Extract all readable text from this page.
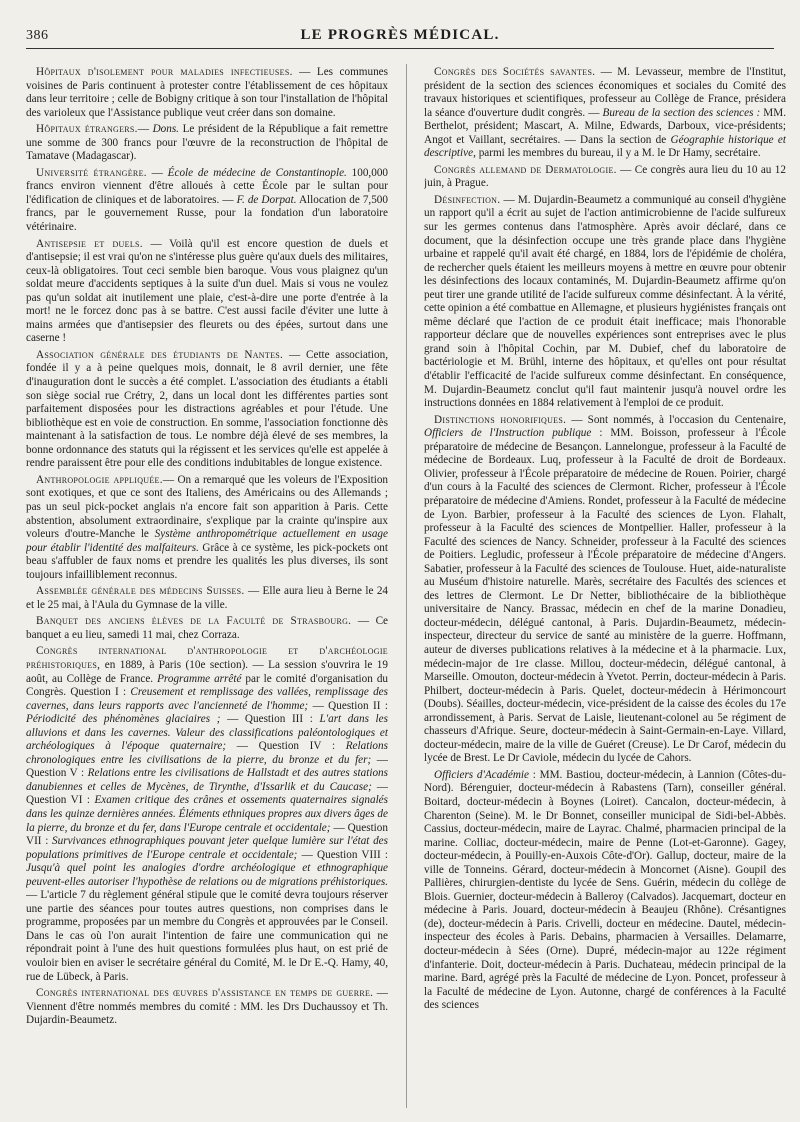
386	LE PROGRÈS MÉDICAL.

Hôpitaux d'isolement pour maladies infectieuses. — Les communes voisines de Paris continuent à protester contre l'établissement de ces hôpitaux dans leur territoire ; celle de Bobigny critique à son tour l'installation de l'hôpital des varioleux que l'Assistance publique veut créer dans son domaine.

Hôpitaux étrangers.— Dons. Le président de la République a fait remettre une somme de 300 francs pour l'œuvre de la reconstruction de l'hôpital de Tamatave (Madagascar).

Université étrangère. — École de médecine de Constantinople. 100,000 francs environ viennent d'être alloués à cette École par le sultan pour l'édification de cliniques et de laboratoires. — F. de Dorpat. Allocation de 7,500 francs, par le gouvernement Russe, pour la fondation d'un laboratoire vétérinaire.

Antisepsie et duels. — Voilà qu'il est encore question de duels et d'antisepsie; il est vrai qu'on ne s'intéresse plus guère qu'aux duels des militaires, ceux-là obligatoires. Tout ceci semble bien baroque. Vous vous plaignez qu'un soldat meure d'accidents septiques à la suite d'un duel. Mais si vous ne voulez pas qu'un soldat ait inutilement une plaie, c'est-à-dire une porte d'entrée à la mort! ne le forcez donc pas à se battre. C'est aussi facile d'éviter une lutte à mains armées que d'antisepsier des fleurets ou des épées, surtout dans une caserne !

Association générale des étudiants de Nantes. — Cette association, fondée il y a à peine quelques mois, donnait, le 8 avril dernier, une fête d'inauguration dont le succès a été complet. L'association des étudiants a établi son siège social rue Crétry, 2, dans un local dont les différentes parties sont parfaitement disposées pour les distractions agréables et pour l'étude. Une bibliothèque est en voie de construction. En somme, l'association fonctionne dès maintenant à la satisfaction de tous. Le nombre déjà élevé de ses membres, la bonne ordonnance des statuts qui la régissent et les services qu'elle est appelée à rendre paraissent être pour elle des conditions indubitables de longue existence.

Anthropologie appliquée.— On a remarqué que les voleurs de l'Exposition sont exotiques, et que ce sont des Italiens, des Américains ou des Allemands ; pas un seul pick-pocket anglais n'a encore fait son apparition à Paris. Cette abstention, absolument extraordinaire, s'explique par la crainte qu'inspire aux voleurs d'outre-Manche le Système anthropométrique actuellement en usage pour établir l'identité des malfaiteurs. Grâce à ce système, les pick-pockets ont beau s'affubler de faux noms et prendre les qualités les plus diverses, ils sont toujours infailliblement reconnus.

Assemblée générale des médecins Suisses. — Elle aura lieu à Berne le 24 et le 25 mai, à l'Aula du Gymnase de la ville.

Banquet des anciens élèves de la Faculté de Strasbourg. — Ce banquet a eu lieu, samedi 11 mai, chez Corraza.

Congrès international d'anthropologie et d'archéologie préhistoriques, en 1889, à Paris (10e section). — La session s'ouvrira le 19 août, au Collège de France. Programme arrêté par le comité d'organisation du Congrès. Question I : Creusement et remplissage des vallées, remplissage des cavernes, dans leurs rapports avec l'ancienneté de l'homme; — Question II : Périodicité des phénomènes glaciaires ; — Question III : L'art dans les alluvions et dans les cavernes. Valeur des classifications paléontologiques et archéologiques à l'époque quaternaire; — Question IV : Relations chronologiques entre les civilisations de la pierre, du bronze et du fer; — Question V : Relations entre les civilisations de Hallstadt et des autres stations danubiennes et celles de Mycènes, de Tirynthe, d'Issarlik et du Caucase; — Question VI : Examen critique des crânes et ossements quaternaires signalés dans les quinze dernières années. Éléments ethniques propres aux divers âges de la pierre, du bronze et du fer, dans l'Europe centrale et occidentale; — Question VII : Survivances ethnographiques pouvant jeter quelque lumière sur l'état des populations primitives de l'Europe centrale et occidentale; — Question VIII : Jusqu'à quel point les analogies d'ordre archéologique et ethnographique peuvent-elles autoriser l'hypothèse de relations ou de migrations préhistoriques.— L'article 7 du règlement général stipule que le comité devra toujours réserver une partie des séances pour toutes autres questions, non comprises dans le programme, proposées par un membre du Congrès et approuvées par le Conseil. Dans le cas où l'on aurait l'intention de faire une communication qui ne répondrait point à l'une des huit questions formulées plus haut, on est prié de vouloir bien en aviser le secrétaire général du Comité, M. le Dr E.-Q. Hamy, 40, rue de Lübeck, à Paris.

Congrès international des œuvres d'assistance en temps de guerre. — Viennent d'être nommés membres du comité : MM. les Drs Duchaussoy et Th. Dujardin-Beaumetz.

Congrès des Sociétés savantes. — M. Levasseur, membre de l'Institut, président de la section des sciences économiques et sociales du Comité des travaux historiques et scientifiques, professeur au Collège de France, présidera la séance d'ouverture dudit congrès. — Bureau de la section des sciences : MM. Berthelot, président; Mascart, A. Milne, Edwards, Darboux, vice-présidents; Angot et Vaillant, secrétaires. — Dans la section de Géographie historique et descriptive, parmi les membres du bureau, il y a M. le Dr Hamy, secrétaire.

Congrès allemand de Dermatologie. — Ce congrès aura lieu du 10 au 12 juin, à Prague.

Désinfection. — M. Dujardin-Beaumetz a communiqué au conseil d'hygiène un rapport qu'il a écrit au sujet de l'action antimicrobienne de l'acide sulfureux sur les germes contenus dans l'atmosphère. Après avoir déclaré, dans ce document, que la désinfection occupe une très grande place dans l'hygiène urbaine et rappelé qu'il avait été chargé, en 1884, lors de l'épidémie de choléra, de rechercher quels étaient les meilleurs moyens à mettre en œuvre pour obtenir les désinfections des locaux contaminés, M. Dujardin-Beaumetz affirme qu'on peut tirer une grande utilité de l'acide sulfureux comme désinfectant. À la vérité, cette opinion a été combattue en Allemagne, et plusieurs hygiénistes français ont même déclaré que l'action de ce produit était inefficace; mais l'honorable rapporteur déclare que de nouvelles expériences sont entreprises avec le plus grand soin à l'hôpital Cochin, par M. Dubief, chef du laboratoire de bactériologie et M. Brühl, interne des hôpitaux, et qu'elles ont pour résultat d'établir l'efficacité de l'acide sulfureux comme désinfectant. En conséquence, M. Dujardin-Beaumetz conclut qu'il faut maintenir jusqu'à nouvel ordre les instructions données en 1884 relativement à l'emploi de ce produit.

Distinctions honorifiques. — Sont nommés, à l'occasion du Centenaire, Officiers de l'Instruction publique : MM. Boisson, professeur à l'École préparatoire de médecine de Besançon. Lannelongue, professeur à la Faculté de médecine de Bordeaux. Luq, professeur à la Faculté de droit de Bordeaux. Olivier, professeur à l'École préparatoire de médecine de Rouen. Poirier, chargé d'un cours à la Faculté des sciences de Clermont. Richer, professeur à l'École préparatoire de médecine d'Amiens. Rondet, professeur à la Faculté de médecine de Lyon. Barbier, professeur à la Faculté des sciences de Lyon. Flahalt, professeur à la Faculté des sciences de Montpellier. Haller, professeur à la Faculté des sciences de Nancy. Schneider, professeur à la Faculté des sciences de Poitiers. Legludic, professeur à l'École préparatoire de médecine d'Angers. Sabatier, professeur à la Faculté des sciences de Toulouse. Huet, aide-naturaliste au Muséum d'histoire naturelle. Marès, secrétaire des Facultés des sciences et des lettres de Clermont. Le Dr Netter, bibliothécaire de la bibliothèque universitaire de Nancy. Brassac, médecin en chef de la marine Donadieu, docteur-médecin, délégué cantonal, à Paris. Dujardin-Beaumetz, médecin-inspecteur, directeur du service de santé au ministère de la guerre. Hoffmann, auteur de diverses publications relatives à la médecine et à la pharmacie. Lux, médecin-major de 1re classe. Millou, docteur-médecin, délégué cantonal, à Marseille. Omouton, docteur-médecin à Yvetot. Perrin, docteur-médecin à Paris. Philbert, docteur-médecin à Paris. Quelet, docteur-médecin à Hérimoncourt (Doubs). Séailles, docteur-médecin, vice-président de la caisse des écoles du 17e arrondissement, à Paris. Servat de Laisle, lieutenant-colonel au 5e régiment de chasseurs d'Afrique. Seure, docteur-médecin à Saint-Germain-en-Laye. Villard, docteur-médecin, maire de la ville de Guéret (Creuse). Le Dr Carof, médecin du lycée de Brest. Le Dr Caviole, médecin du lycée de Cahors.

Officiers d'Académie : MM. Bastiou, docteur-médecin, à Lannion (Côtes-du-Nord). Bérenguier, docteur-médecin à Rabastens (Tarn), conseiller général. Boitard, docteur-médecin à Boynes (Loiret). Cancalon, docteur-médecin, à Charenton (Seine). M. le Dr Bonnet, conseiller municipal de Sidi-bel-Abbès. Cassius, docteur-médecin, maire de Layrac. Chalmé, pharmacien principal de la marine. Colliac, docteur-médecin, maire de Penne (Lot-et-Garonne). Gagey, docteur-médecin, à Pouilly-en-Auxois Côte-d'Or). Gallup, docteur, maire de la ville de Tonneins. Gérard, docteur-médecin à Moncornet (Aisne). Goupil des Pallières, chirurgien-dentiste du lycée de Sens. Guérin, médecin du collège de Blois. Guernier, docteur-médecin à Balleroy (Calvados). Jacquemart, docteur en médecine à Paris. Jouard, docteur-médecin à Beaujeu (Rhône). Crésantignes (de), docteur-médecin à Paris. Crivelli, docteur en médecine. Dautel, médecin-inspecteur des écoles à Paris. Debains, pharmacien à Versailles. Delamarre, docteur-médecin à Sées (Orne). Dupré, médecin-major au 122e régiment d'infanterie. Doit, docteur-médecin à Paris. Duchateau, médecin principal de la marine. Bard, agrégé près la Faculté de médecine de Lyon. Poncet, professeur à la Faculté de médecine de Lyon. Autonne, chargé de conférences à la Faculté des sciences
